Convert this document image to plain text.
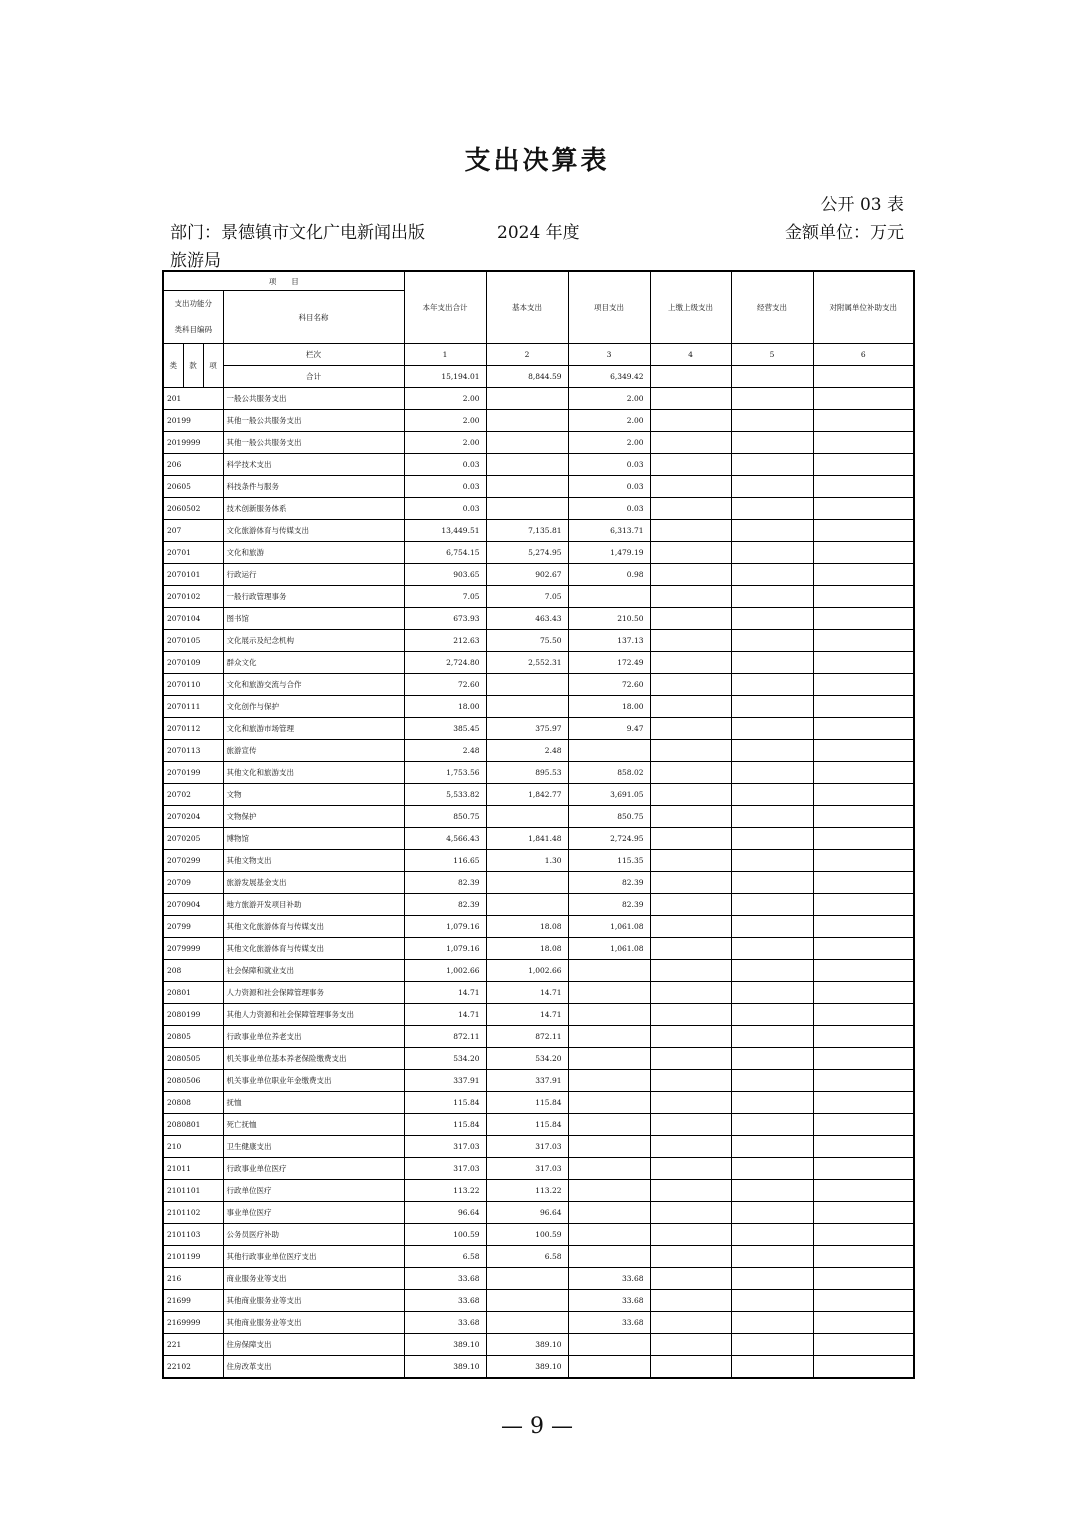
支出决算表
公开 03 表
部门：景德镇市文化广电新闻出版
旅游局
2024 年度	金额单位：万元
项　　目				本年支出合计	基本支出	项目支出	上缴上级支出	经营支出	对附属单位补助支出

支出功能分
类科目编码			科目名称						
类	款	项	栏次	1	2	3	4	5	6
			合计	15,194.01	8,844.59	6,349.42			
201			一般公共服务支出	2.00		2.00			
20199			其他一般公共服务支出	2.00		2.00			
2019999			其他一般公共服务支出	2.00		2.00			
206			科学技术支出	0.03		0.03			
20605			科技条件与服务	0.03		0.03			
2060502			技术创新服务体系	0.03		0.03			
207			文化旅游体育与传媒支出	13,449.51	7,135.81	6,313.71			
20701			文化和旅游	6,754.15	5,274.95	1,479.19			
2070101			行政运行	903.65	902.67	0.98			
2070102			一般行政管理事务	7.05	7.05				
2070104			图书馆	673.93	463.43	210.50			
2070105			文化展示及纪念机构	212.63	75.50	137.13			
2070109			群众文化	2,724.80	2,552.31	172.49			
2070110			文化和旅游交流与合作	72.60		72.60			
2070111			文化创作与保护	18.00		18.00			
2070112			文化和旅游市场管理	385.45	375.97	9.47			
2070113			旅游宣传	2.48	2.48				
2070199			其他文化和旅游支出	1,753.56	895.53	858.02			
20702			文物	5,533.82	1,842.77	3,691.05			
2070204			文物保护	850.75		850.75			
2070205			博物馆	4,566.43	1,841.48	2,724.95			
2070299			其他文物支出	116.65	1.30	115.35			
20709			旅游发展基金支出	82.39		82.39			
2070904			地方旅游开发项目补助	82.39		82.39			
20799			其他文化旅游体育与传媒支出	1,079.16	18.08	1,061.08			
2079999			其他文化旅游体育与传媒支出	1,079.16	18.08	1,061.08			
208			社会保障和就业支出	1,002.66	1,002.66				
20801			人力资源和社会保障管理事务	14.71	14.71				
2080199			其他人力资源和社会保障管理事务支出	14.71	14.71				
20805			行政事业单位养老支出	872.11	872.11				
2080505			机关事业单位基本养老保险缴费支出	534.20	534.20				
2080506			机关事业单位职业年金缴费支出	337.91	337.91				
20808			抚恤	115.84	115.84				
2080801			死亡抚恤	115.84	115.84				
210			卫生健康支出	317.03	317.03				
21011			行政事业单位医疗	317.03	317.03				
2101101			行政单位医疗	113.22	113.22				
2101102			事业单位医疗	96.64	96.64				
2101103			公务员医疗补助	100.59	100.59				
2101199			其他行政事业单位医疗支出	6.58	6.58				
216			商业服务业等支出	33.68		33.68			
21699			其他商业服务业等支出	33.68		33.68			
2169999			其他商业服务业等支出	33.68		33.68			
221			住房保障支出	389.10	389.10				
22102			住房改革支出	389.10	389.10				
— 9 —
